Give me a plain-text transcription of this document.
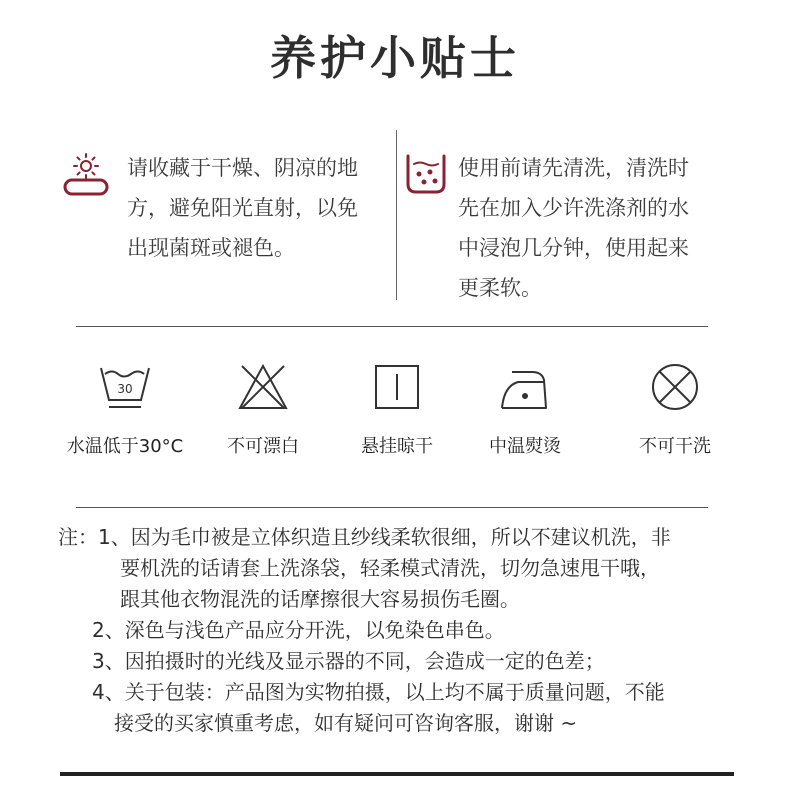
养护小贴士
请收藏于干燥、阴凉的地
方，避免阳光直射，以免
出现菌斑或褪色。
使用前请先清洗，清洗时
先在加入少许洗涤剂的水
中浸泡几分钟，使用起来
更柔软。
30
水温低于30°C	不可漂白	悬挂晾干	中温熨烫	不可干洗
注：1、因为毛巾被是立体织造且纱线柔软很细，所以不建议机洗，非
要机洗的话请套上洗涤袋，轻柔模式清洗，切勿急速甩干哦，
跟其他衣物混洗的话摩擦很大容易损伤毛圈。
2、深色与浅色产品应分开洗，以免染色串色。
3、因拍摄时的光线及显示器的不同，会造成一定的色差；
4、关于包装：产品图为实物拍摄，以上均不属于质量问题，不能
接受的买家慎重考虑，如有疑问可咨询客服，谢谢 ~
